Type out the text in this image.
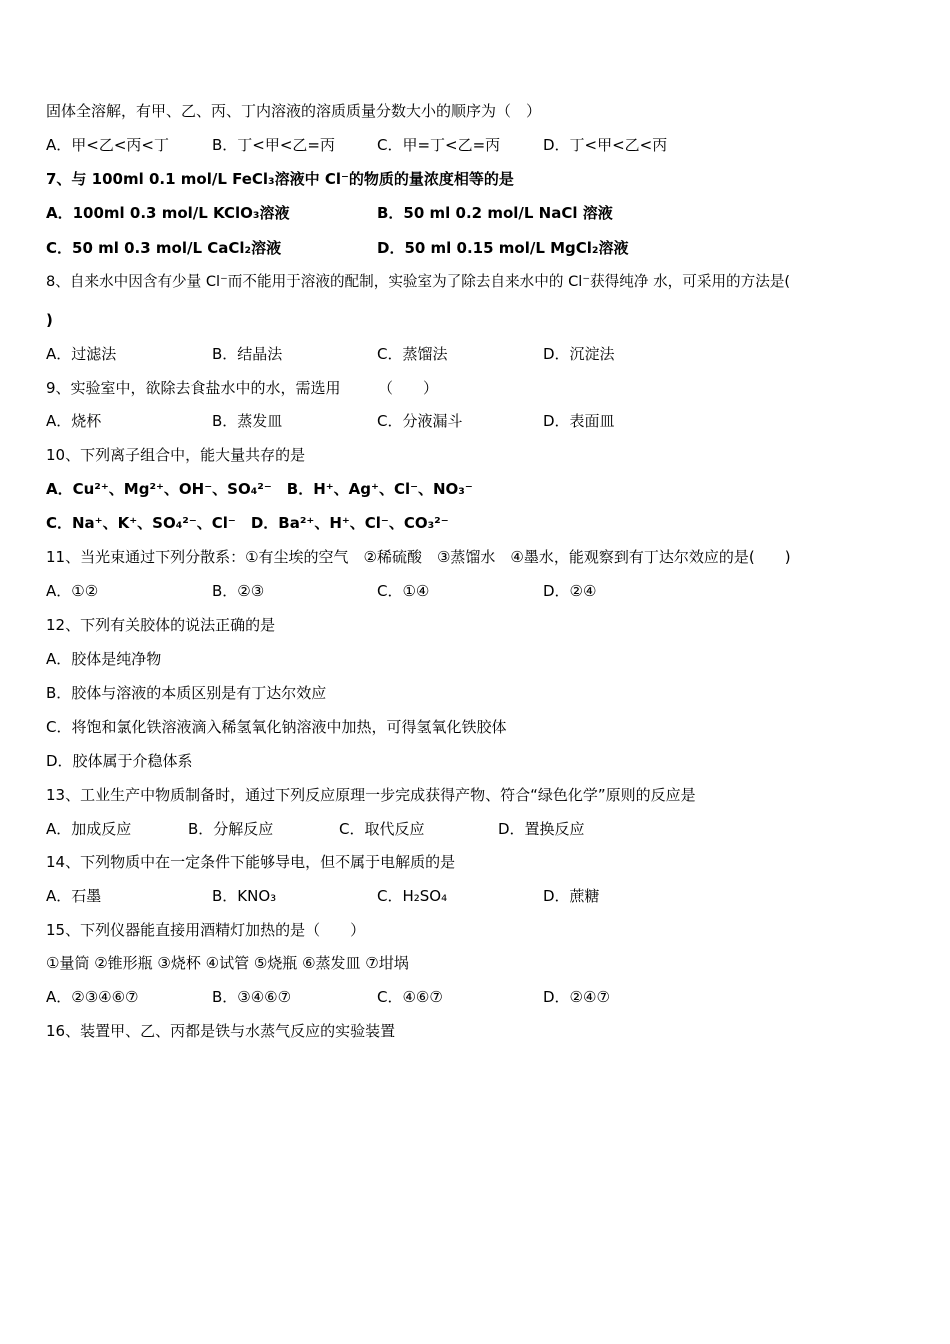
固体全溶解，有甲、乙、丙、丁内溶液的溶质质量分数大小的顺序为（　）
A．甲<乙<丙<丁	B．丁<甲<乙=丙	C．甲=丁<乙=丙	D．丁<甲<乙<丙
7、与 100ml 0.1 mol/L FeCl₃溶液中 Cl⁻的物质的量浓度相等的是
A．100ml 0.3 mol/L KClO₃溶液	B．50 ml 0.2 mol/L NaCl 溶液
C．50 ml 0.3 mol/L CaCl₂溶液	D．50 ml 0.15 mol/L MgCl₂溶液
8、自来水中因含有少量 Cl⁻而不能用于溶液的配制，实验室为了除去自来水中的 Cl⁻获得纯净 水，可采用的方法是(
)
A．过滤法	B．结晶法	C．蒸馏法	D．沉淀法
9、实验室中，欲除去食盐水中的水，需选用　　　（　　）
A．烧杯	B．蒸发皿	C．分液漏斗	D．表面皿
10、下列离子组合中，能大量共存的是
A．Cu²⁺、Mg²⁺、OH⁻、SO₄²⁻　B．H⁺、Ag⁺、Cl⁻、NO₃⁻
C．Na⁺、K⁺、SO₄²⁻、Cl⁻　D．Ba²⁺、H⁺、Cl⁻、CO₃²⁻
11、当光束通过下列分散系：①有尘埃的空气　②稀硫酸　③蒸馏水　④墨水，能观察到有丁达尔效应的是(　　)
A．①②	B．②③	C．①④	D．②④
12、下列有关胶体的说法正确的是
A．胶体是纯净物
B．胶体与溶液的本质区别是有丁达尔效应
C．将饱和氯化铁溶液滴入稀氢氧化钠溶液中加热，可得氢氧化铁胶体
D．胶体属于介稳体系
13、工业生产中物质制备时，通过下列反应原理一步完成获得产物、符合“绿色化学”原则的反应是
A．加成反应	B．分解反应	C．取代反应	D．置换反应
14、下列物质中在一定条件下能够导电，但不属于电解质的是
A．石墨	B．KNO₃	C．H₂SO₄	D．蔗糖
15、下列仪器能直接用酒精灯加热的是（　　）
①量筒 ②锥形瓶 ③烧杯 ④试管 ⑤烧瓶 ⑥蒸发皿 ⑦坩埚
A．②③④⑥⑦	B．③④⑥⑦	C．④⑥⑦	D．②④⑦
16、装置甲、乙、丙都是铁与水蒸气反应的实验装置
